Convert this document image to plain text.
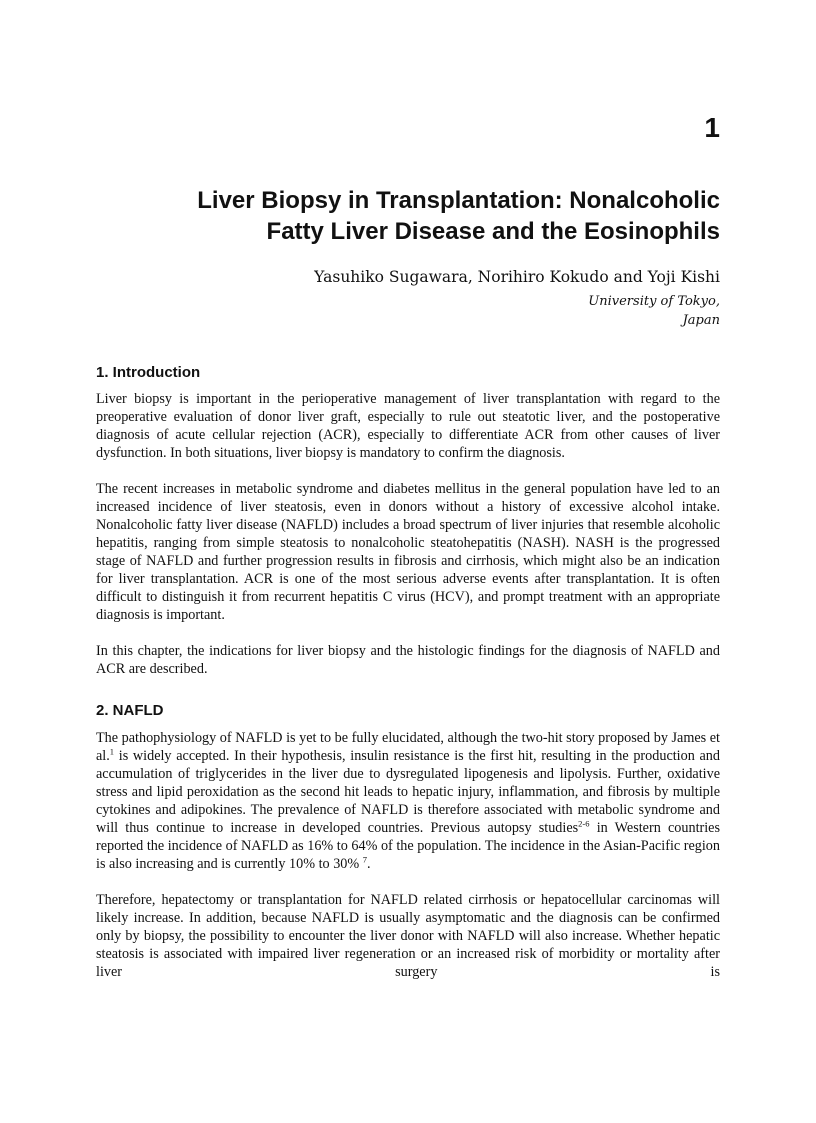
1
Liver Biopsy in Transplantation: Nonalcoholic
Fatty Liver Disease and the Eosinophils
Yasuhiko Sugawara, Norihiro Kokudo and Yoji Kishi
University of Tokyo,
Japan
1. Introduction

Liver biopsy is important in the perioperative management of liver transplantation with regard to the preoperative evaluation of donor liver graft, especially to rule out steatotic liver, and the postoperative diagnosis of acute cellular rejection (ACR), especially to differentiate ACR from other causes of liver dysfunction. In both situations, liver biopsy is mandatory to confirm the diagnosis.

The recent increases in metabolic syndrome and diabetes mellitus in the general population have led to an increased incidence of liver steatosis, even in donors without a history of excessive alcohol intake. Nonalcoholic fatty liver disease (NAFLD) includes a broad spectrum of liver injuries that resemble alcoholic hepatitis, ranging from simple steatosis to nonalcoholic steatohepatitis (NASH). NASH is the progressed stage of NAFLD and further progression results in fibrosis and cirrhosis, which might also be an indication for liver transplantation. ACR is one of the most serious adverse events after transplantation. It is often difficult to distinguish it from recurrent hepatitis C virus (HCV), and prompt treatment with an appropriate diagnosis is important.

In this chapter, the indications for liver biopsy and the histologic findings for the diagnosis of NAFLD and ACR are described.

2. NAFLD

The pathophysiology of NAFLD is yet to be fully elucidated, although the two-hit story proposed by James et al.$^1$ is widely accepted. In their hypothesis, insulin resistance is the first hit, resulting in the production and accumulation of triglycerides in the liver due to dysregulated lipogenesis and lipolysis. Further, oxidative stress and lipid peroxidation as the second hit leads to hepatic injury, inflammation, and fibrosis by multiple cytokines and adipokines. The prevalence of NAFLD is therefore associated with metabolic syndrome and will thus continue to increase in developed countries. Previous autopsy studies$^{2-6}$ in Western countries reported the incidence of NAFLD as 16% to 64% of the population. The incidence in the Asian-Pacific region is also increasing and is currently 10% to 30% $^7$.

Therefore, hepatectomy or transplantation for NAFLD related cirrhosis or hepatocellular carcinomas will likely increase. In addition, because NAFLD is usually asymptomatic and the diagnosis can be confirmed only by biopsy, the possibility to encounter the liver donor with NAFLD will also increase. Whether hepatic steatosis is associated with impaired liver regeneration or an increased risk of morbidity or mortality after liver surgery is
